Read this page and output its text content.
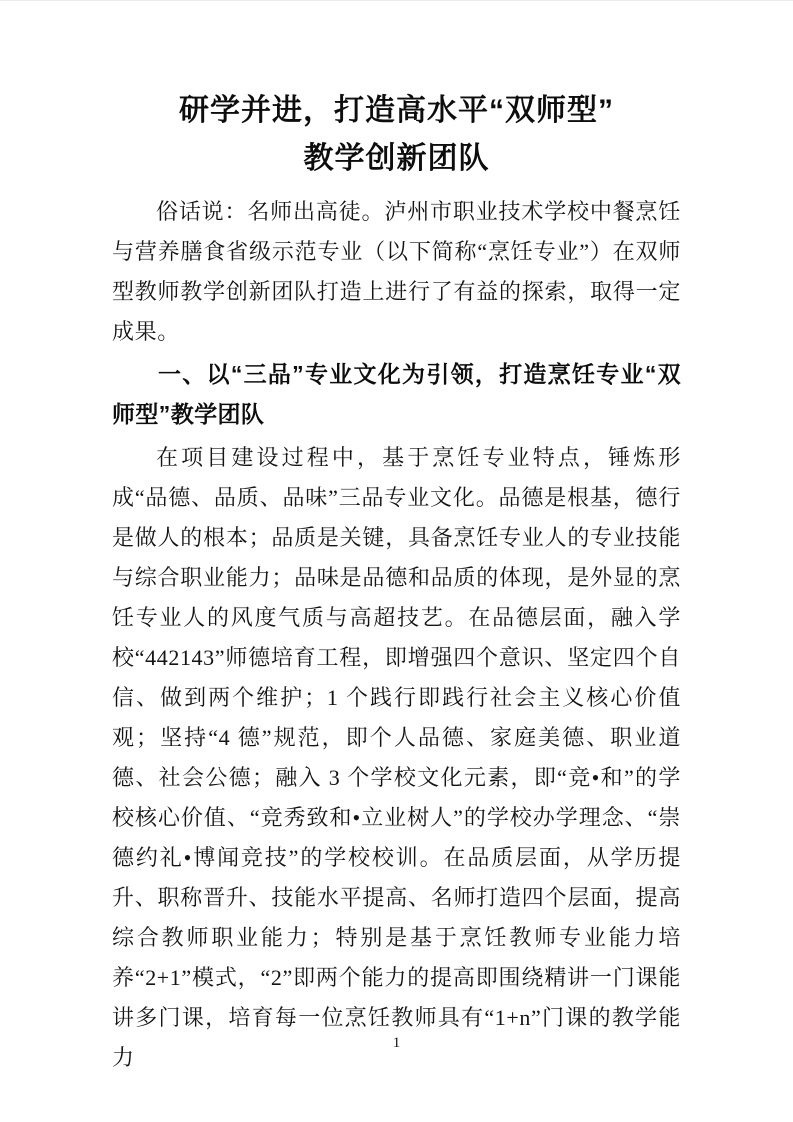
研学并进，打造高水平“双师型”
教学创新团队

俗话说：名师出高徒。泸州市职业技术学校中餐烹饪与营养膳食省级示范专业（以下简称“烹饪专业”）在双师型教师教学创新团队打造上进行了有益的探索，取得一定成果。

一、以“三品”专业文化为引领，打造烹饪专业“双师型”教学团队

在项目建设过程中，基于烹饪专业特点，锤炼形成“品德、品质、品味”三品专业文化。品德是根基，德行是做人的根本；品质是关键，具备烹饪专业人的专业技能与综合职业能力；品味是品德和品质的体现，是外显的烹饪专业人的风度气质与高超技艺。在品德层面，融入学校“442143”师德培育工程，即增强四个意识、坚定四个自信、做到两个维护；1 个践行即践行社会主义核心价值观；坚持“4 德”规范，即个人品德、家庭美德、职业道德、社会公德；融入 3 个学校文化元素，即“竞•和”的学校核心价值、“竞秀致和•立业树人”的学校办学理念、“崇德约礼•博闻竞技”的学校校训。在品质层面，从学历提升、职称晋升、技能水平提高、名师打造四个层面，提高综合教师职业能力；特别是基于烹饪教师专业能力培养“2+1”模式，“2”即两个能力的提高即围绕精讲一门课能讲多门课，培育每一位烹饪教师具有“1+n”门课的教学能力

1
